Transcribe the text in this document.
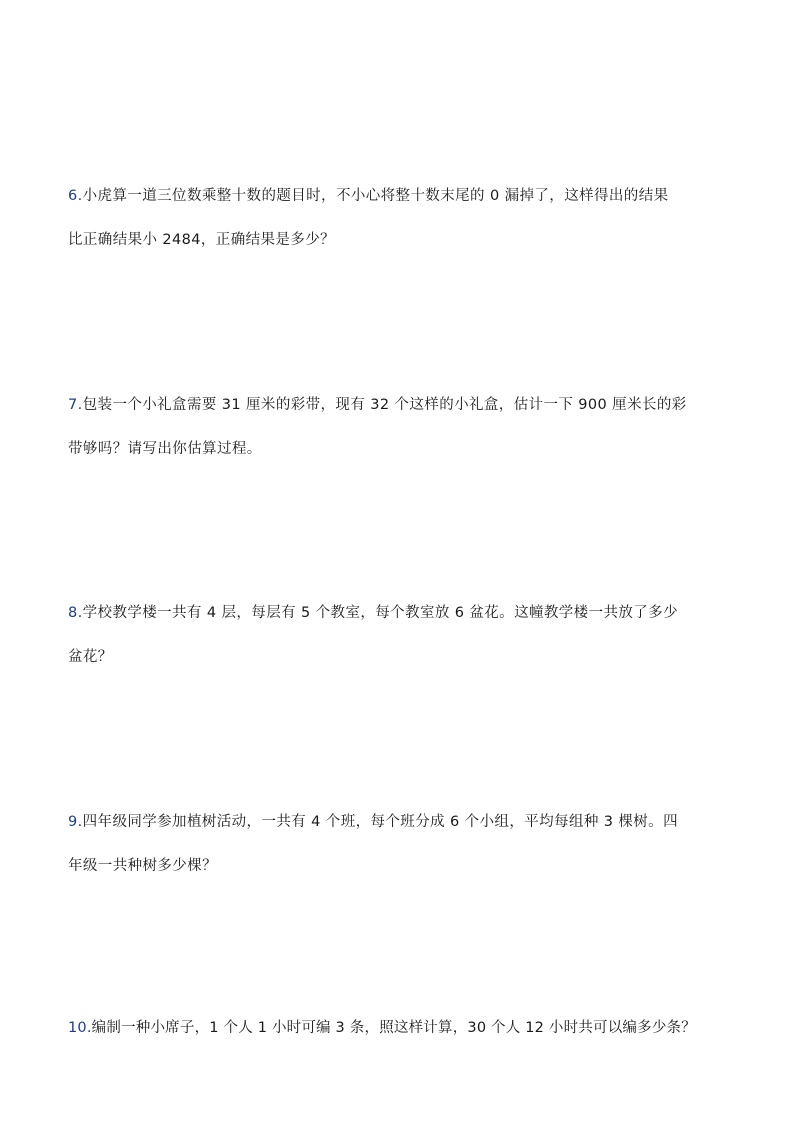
6.小虎算一道三位数乘整十数的题目时，不小心将整十数末尾的 0 漏掉了，这样得出的结果
比正确结果小 2484，正确结果是多少？
7.包装一个小礼盒需要 31 厘米的彩带，现有 32 个这样的小礼盒，估计一下 900 厘米长的彩
带够吗？请写出你估算过程。
8.学校教学楼一共有 4 层，每层有 5 个教室，每个教室放 6 盆花。这幢教学楼一共放了多少
盆花？
9.四年级同学参加植树活动，一共有 4 个班，每个班分成 6 个小组，平均每组种 3 棵树。四
年级一共种树多少棵？
10.编制一种小席子，1 个人 1 小时可编 3 条，照这样计算，30 个人 12 小时共可以编多少条？
